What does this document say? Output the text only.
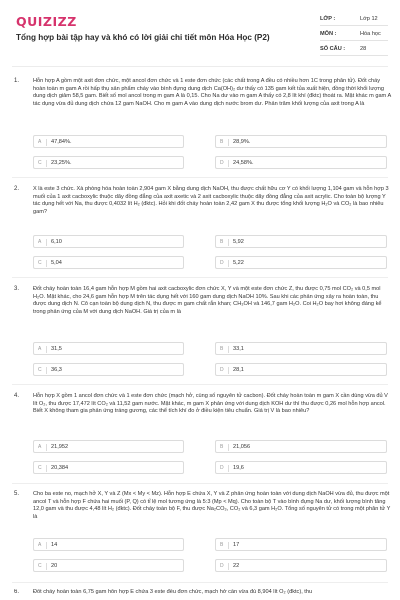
QUIZIZZ
Tổng hợp bài tập hay và khó có lời giải chi tiết môn Hóa Học (P2)
LỚP :	Lớp 12
MÔN :	Hóa học
SỐ CÂU :	28
1. Hỗn hợp A gồm một axit đơn chức, một ancol đơn chức và 1 este đơn chức (các chất trong A đều có nhiều hơn 1C trong phân tử). Đốt cháy hoàn toàn m gam A rồi hấp thụ sản phẩm cháy vào bình đựng dung dịch Ca(OH)₂ dư thấy có 135 gam kết tủa xuất hiện, đồng thời khối lượng dung dịch giảm 58,5 gam. Biết số mol ancol trong m gam A là 0,15. Cho Na dư vào m gam A thấy có 2,8 lít khí (đktc) thoát ra. Mặt khác m gam A tác dụng vừa đủ dung dịch chứa 12 gam NaOH. Cho m gam A vào dung dịch nước brom dư. Phản trăm khối lượng của axit trong A là
A	47,84%.	B	28,9%.
C	23,25%.	D	24,58%.
2. X là este 3 chức. Xà phòng hóa hoàn toàn 2,904 gam X bằng dung dịch NaOH, thu được chất hữu cơ Y có khối lượng 1,104 gam và hỗn hợp 3 muối của 1 axit cacboxylic thuộc dãy đồng đẳng của axit axetic và 2 axit cacboxylic thuộc dãy đồng đẳng của axit acrylic. Cho toàn bộ lượng Y tác dụng hết với Na, thu được 0,4032 lít H₂ (đktc). Hỏi khi đốt cháy hoàn toàn 2,42 gam X thu được tổng khối lượng H₂O và CO₂ là bao nhiêu gam?
A	6,10	B	5,92
C	5,04	D	5,22
3. Đốt cháy hoàn toàn 16,4 gam hỗn hợp M gồm hai axit cacboxylic đơn chức X, Y và một este đơn chức Z, thu được 0,75 mol CO₂ và 0,5 mol H₂O. Mặt khác, cho 24,6 gam hỗn hợp M trên tác dụng hết với 160 gam dung dịch NaOH 10%. Sau khi các phản ứng xảy ra hoàn toàn, thu được dung dịch N. Cô cạn toàn bộ dung dịch N, thu được m gam chất rắn khan; CH₃OH và 146,7 gam H₂O. Coi H₂O bay hơi không đáng kể trong phản ứng của M với dung dịch NaOH. Giá trị của m là
A	31,5	B	33,1
C	36,3	D	28,1
4. Hỗn hợp X gồm 1 ancol đơn chức và 1 este đơn chức (mạch hở, cùng số nguyên tử cacbon). Đốt cháy hoàn toàn m gam X cần dùng vừa đủ V lít O₂, thu được 17,472 lít CO₂ và 11,52 gam nước. Mặt khác, m gam X phản ứng với dung dịch KOH dư thì thu được 0,26 mol hỗn hợp ancol. Biết X không tham gia phản ứng tráng gương, các thể tích khí đo ở điều kiện tiêu chuẩn. Giá trị V là bao nhiêu?
A	21,952	B	21,056
C	20,384	D	19,6
5. Cho ba este no, mạch hở X, Y và Z (Mx < My < Mz). Hỗn hợp E chứa X, Y và Z phản ứng hoàn toàn với dung dịch NaOH vừa đủ, thu được một ancol T và hỗn hợp F chứa hai muối (P, Q) có tỉ lệ mol tương ứng là 5:3 (Mp < Mq). Cho toàn bộ T vào bình đựng Na dư, khối lượng bình tăng 12,0 gam và thu được 4,48 lít H₂ (đktc). Đốt cháy toàn bộ F, thu được Na₂CO₃, CO₂ và 6,3 gam H₂O. Tổng số nguyên tử có trong một phân tử Y là
A	14	B	17
C	20	D	22
6. Đốt cháy hoàn toàn 6,75 gam hỗn hợp E chứa 3 este đều đơn chức, mạch hở cần vừa đủ 8,904 lít O₂ (đktc), thu
